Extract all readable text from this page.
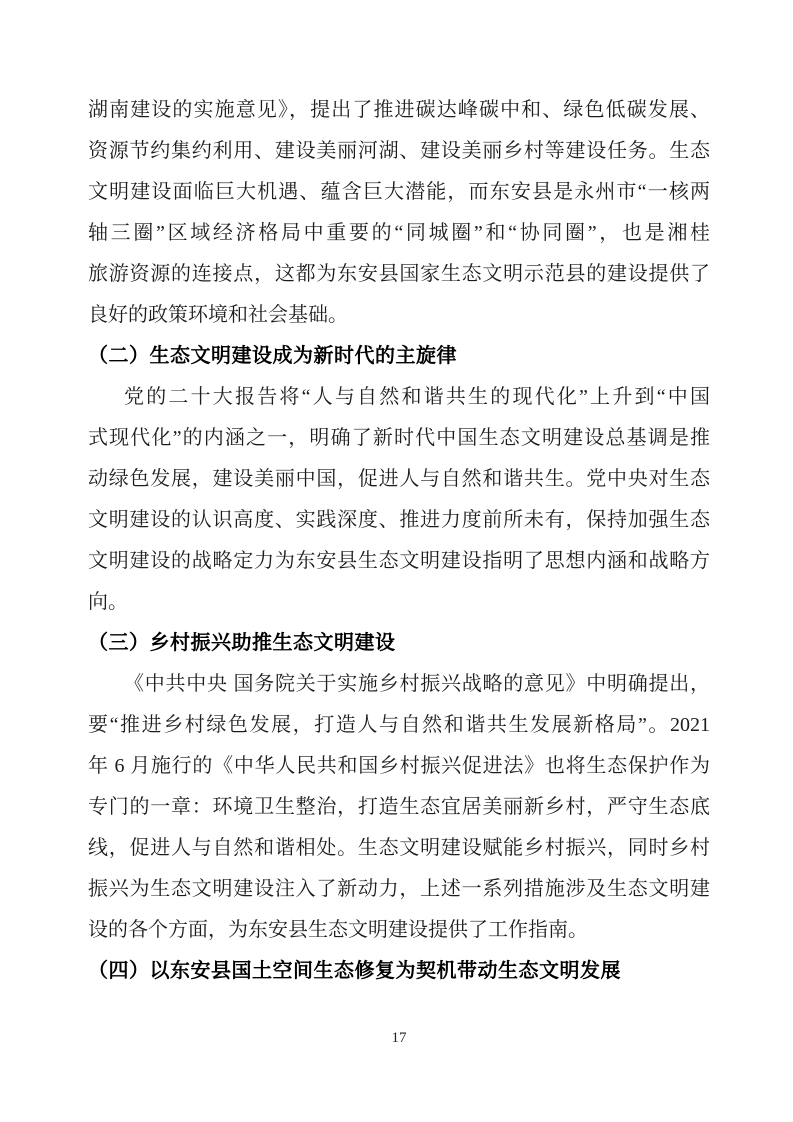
湖南建设的实施意见》，提出了推进碳达峰碳中和、绿色低碳发展、
资源节约集约利用、建设美丽河湖、建设美丽乡村等建设任务。生态
文明建设面临巨大机遇、蕴含巨大潜能，而东安县是永州市“一核两
轴三圈”区域经济格局中重要的“同城圈”和“协同圈”，也是湘桂
旅游资源的连接点，这都为东安县国家生态文明示范县的建设提供了
良好的政策环境和社会基础。
（二）生态文明建设成为新时代的主旋律
党的二十大报告将“人与自然和谐共生的现代化”上升到“中国
式现代化”的内涵之一，明确了新时代中国生态文明建设总基调是推
动绿色发展，建设美丽中国，促进人与自然和谐共生。党中央对生态
文明建设的认识高度、实践深度、推进力度前所未有，保持加强生态
文明建设的战略定力为东安县生态文明建设指明了思想内涵和战略方
向。
（三）乡村振兴助推生态文明建设
《中共中央 国务院关于实施乡村振兴战略的意见》中明确提出，
要“推进乡村绿色发展，打造人与自然和谐共生发展新格局”。2021
年 6 月施行的《中华人民共和国乡村振兴促进法》也将生态保护作为
专门的一章：环境卫生整治，打造生态宜居美丽新乡村，严守生态底
线，促进人与自然和谐相处。生态文明建设赋能乡村振兴，同时乡村
振兴为生态文明建设注入了新动力，上述一系列措施涉及生态文明建
设的各个方面，为东安县生态文明建设提供了工作指南。
（四）以东安县国土空间生态修复为契机带动生态文明发展
17
